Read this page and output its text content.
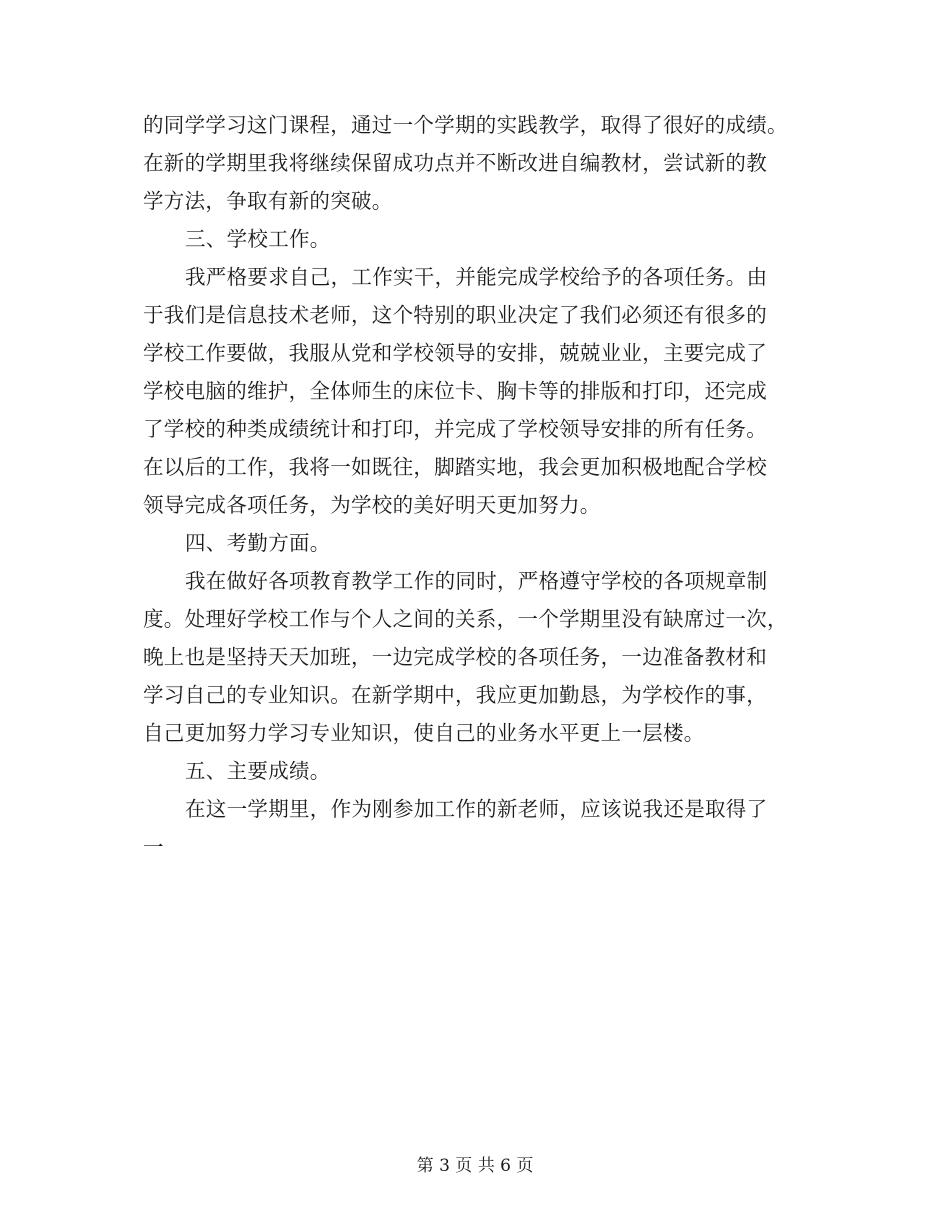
的同学学习这门课程，通过一个学期的实践教学，取得了很好的成绩。
在新的学期里我将继续保留成功点并不断改进自编教材，尝试新的教
学方法，争取有新的突破。
三、学校工作。
我严格要求自己，工作实干，并能完成学校给予的各项任务。由
于我们是信息技术老师，这个特别的职业决定了我们必须还有很多的
学校工作要做，我服从党和学校领导的安排，兢兢业业，主要完成了
学校电脑的维护，全体师生的床位卡、胸卡等的排版和打印，还完成
了学校的种类成绩统计和打印，并完成了学校领导安排的所有任务。
在以后的工作，我将一如既往，脚踏实地，我会更加积极地配合学校
领导完成各项任务，为学校的美好明天更加努力。
四、考勤方面。
我在做好各项教育教学工作的同时，严格遵守学校的各项规章制
度。处理好学校工作与个人之间的关系，一个学期里没有缺席过一次，
晚上也是坚持天天加班，一边完成学校的各项任务，一边准备教材和
学习自己的专业知识。在新学期中，我应更加勤恳，为学校作的事，
自己更加努力学习专业知识，使自己的业务水平更上一层楼。
五、主要成绩。
在这一学期里，作为刚参加工作的新老师，应该说我还是取得了
一
第 3 页 共 6 页
